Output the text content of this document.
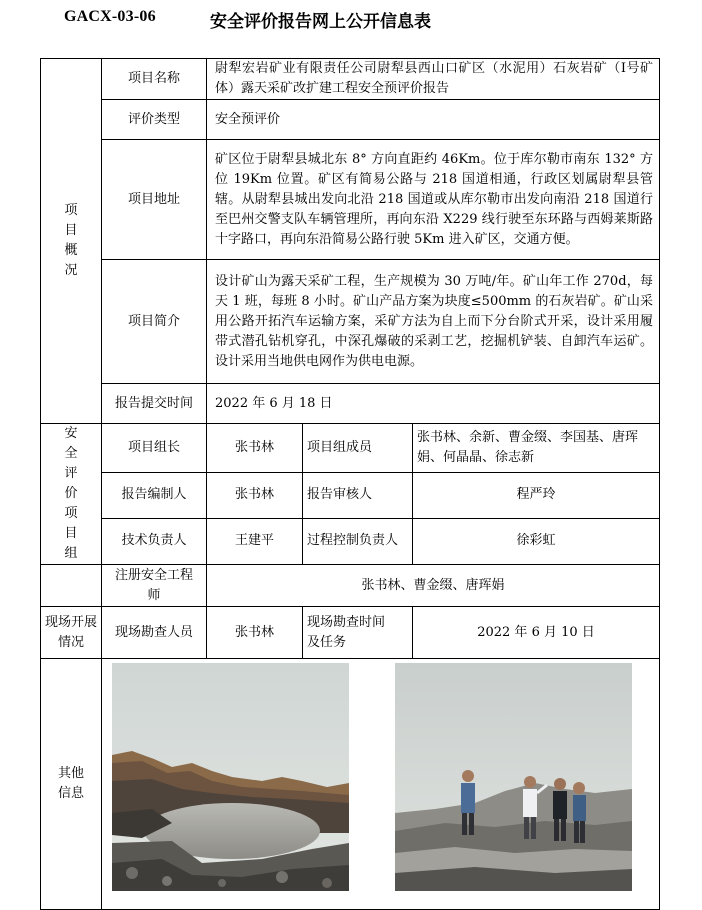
GACX-03-06	安全评价报告网上公开信息表
项目概况	项目名称	尉犁宏岩矿业有限责任公司尉犁县西山口矿区（水泥用）石灰岩矿（Ⅰ号矿体）露天采矿改扩建工程安全预评价报告		
	评价类型	安全预评价		
	项目地址	矿区位于尉犁县城北东 8° 方向直距约 46Km。位于库尔勒市南东 132° 方位 19Km 位置。矿区有简易公路与 218 国道相通，行政区划属尉犁县管辖。从尉犁县城出发向北沿 218 国道或从库尔勒市出发向南沿 218 国道行至巴州交警支队车辆管理所，再向东沿 X229 线行驶至东环路与西姆莱斯路十字路口，再向东沿简易公路行驶 5Km 进入矿区，交通方便。		
	项目简介	设计矿山为露天采矿工程，生产规模为 30 万吨/年。矿山年工作 270d，每天 1 班，每班 8 小时。矿山产品方案为块度≤500mm 的石灰岩矿。矿山采用公路开拓汽车运输方案，采矿方法为自上而下分台阶式开采，设计采用履带式潜孔钻机穿孔，中深孔爆破的采剥工艺，挖掘机铲装、自卸汽车运矿。设计采用当地供电网作为供电电源。		
	报告提交时间	2022 年 6 月 18 日		

安全评价项目组	项目组长	张书林	项目组成员	张书林、余新、曹金缀、李国基、唐珲娟、何晶晶、徐志新
	报告编制人	张书林	报告审核人	程严玲
	技术负责人	王建平	过程控制负责人	徐彩虹

	注册安全工程师	张书林、曹金缀、唐珲娟		

现场开展情况	现场勘查人员	张书林	现场勘查时间及任务	2022 年 6 月 10 日

其他信息
